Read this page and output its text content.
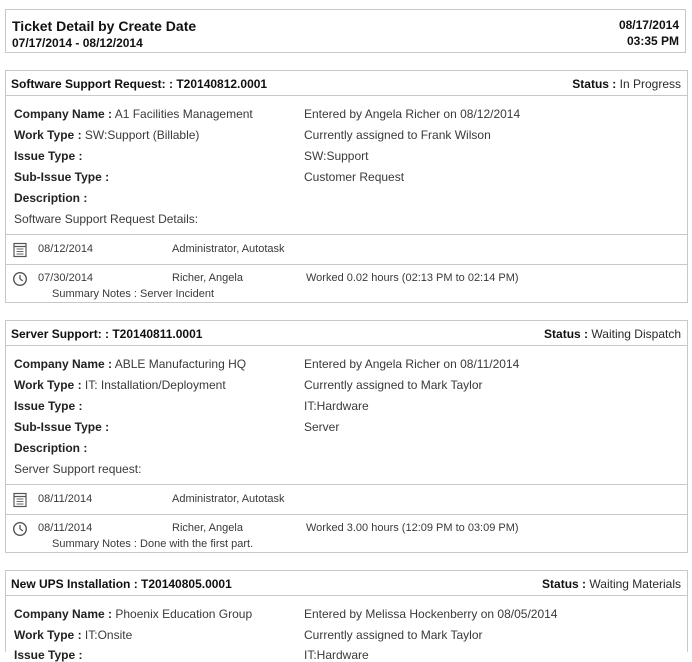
Ticket Detail by Create Date
07/17/2014 - 08/12/2014
08/17/2014
03:35 PM
Software Support Request: : T20140812.0001	Status : In Progress
Company Name : A1 Facilities Management	Entered by Angela Richer on 08/12/2014
Work Type : SW:Support (Billable)	Currently assigned to Frank Wilson
Issue Type :	SW:Support
Sub-Issue Type :	Customer Request
Description :
Software Support Request Details:
08/12/2014	Administrator, Autotask
07/30/2014	Richer, Angela	Worked 0.02 hours (02:13 PM to 02:14 PM)
Summary Notes : Server Incident
Server Support: : T20140811.0001	Status : Waiting Dispatch
Company Name : ABLE Manufacturing HQ	Entered by Angela Richer on 08/11/2014
Work Type : IT: Installation/Deployment	Currently assigned to Mark Taylor
Issue Type :	IT:Hardware
Sub-Issue Type :	Server
Description :
Server Support request:
08/11/2014	Administrator, Autotask
08/11/2014	Richer, Angela	Worked 3.00 hours (12:09 PM to 03:09 PM)
Summary Notes : Done with the first part.
New UPS Installation : T20140805.0001	Status : Waiting Materials
Company Name : Phoenix Education Group	Entered by Melissa Hockenberry on 08/05/2014
Work Type : IT:Onsite	Currently assigned to Mark Taylor
Issue Type :	IT:Hardware
